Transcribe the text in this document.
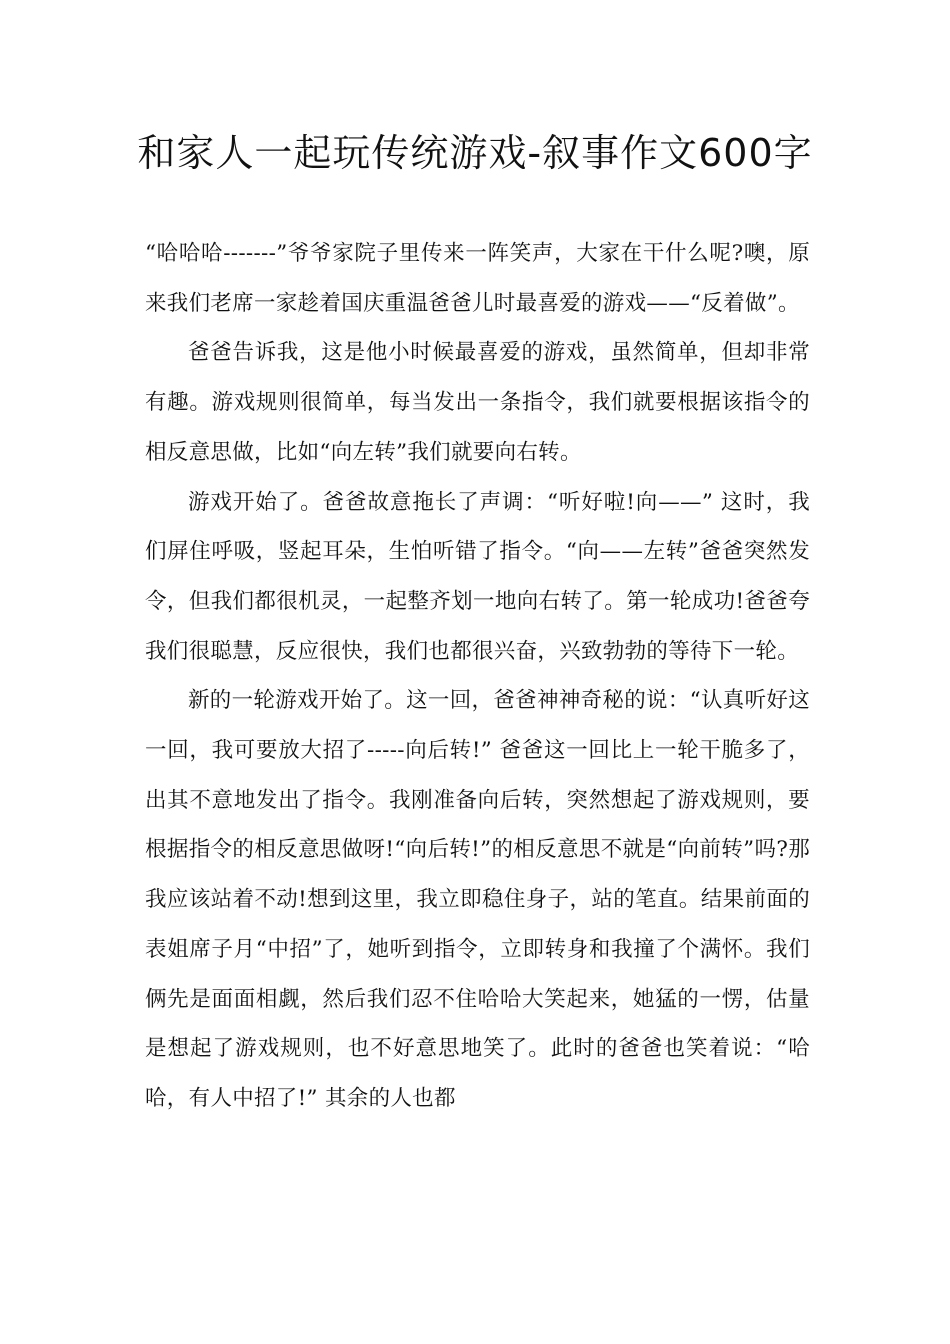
和家人一起玩传统游戏-叙事作文600字

“哈哈哈-------”爷爷家院子里传来一阵笑声，大家在干什么呢?噢，原来我们老席一家趁着国庆重温爸爸儿时最喜爱的游戏——“反着做”。

爸爸告诉我，这是他小时候最喜爱的游戏，虽然简单，但却非常有趣。游戏规则很简单，每当发出一条指令，我们就要根据该指令的相反意思做，比如“向左转”我们就要向右转。

游戏开始了。爸爸故意拖长了声调：“听好啦!向——” 这时，我们屏住呼吸，竖起耳朵，生怕听错了指令。“向——左转”爸爸突然发令，但我们都很机灵，一起整齐划一地向右转了。第一轮成功!爸爸夸我们很聪慧，反应很快，我们也都很兴奋，兴致勃勃的等待下一轮。

新的一轮游戏开始了。这一回，爸爸神神奇秘的说：“认真听好这一回，我可要放大招了-----向后转!” 爸爸这一回比上一轮干脆多了，出其不意地发出了指令。我刚准备向后转，突然想起了游戏规则，要根据指令的相反意思做呀!“向后转!”的相反意思不就是“向前转”吗?那我应该站着不动!想到这里，我立即稳住身子，站的笔直。结果前面的表姐席子月“中招”了，她听到指令，立即转身和我撞了个满怀。我们俩先是面面相觑，然后我们忍不住哈哈大笑起来，她猛的一愣，估量是想起了游戏规则，也不好意思地笑了。此时的爸爸也笑着说：“哈哈，有人中招了!” 其余的人也都
